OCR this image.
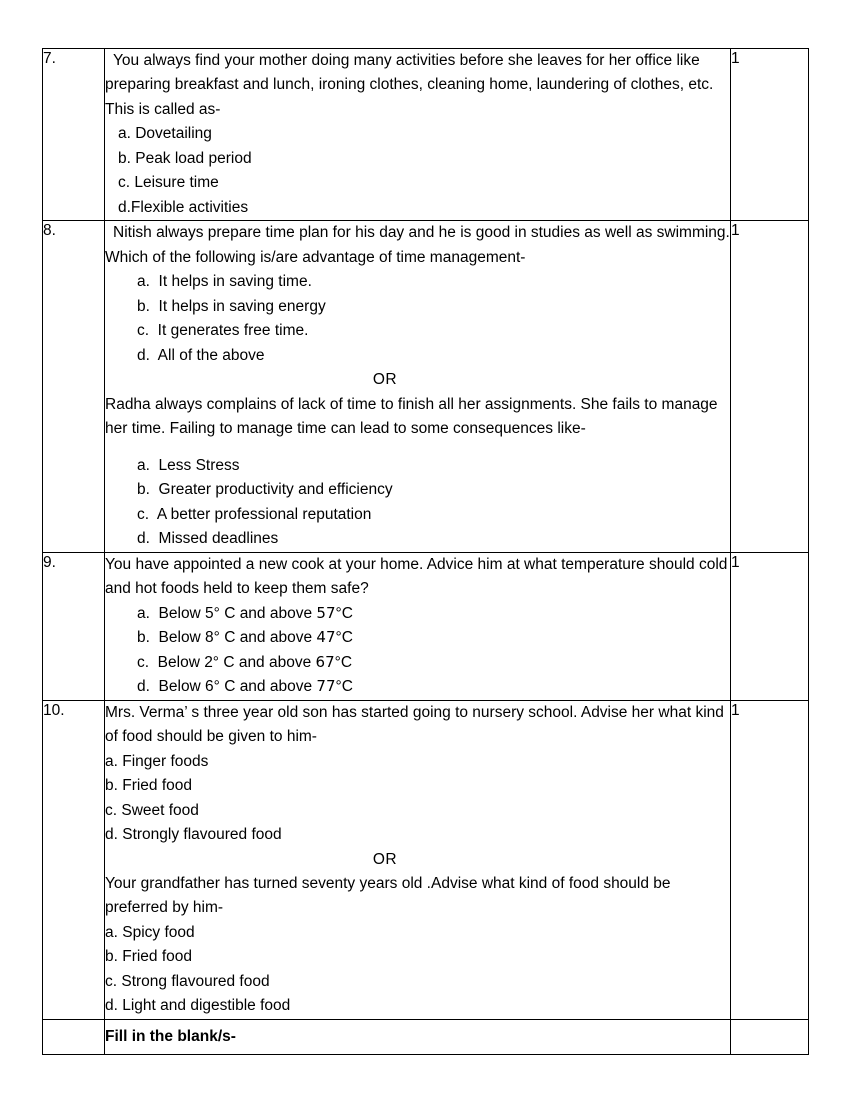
7.	You always find your mother doing many activities before she leaves for her office like preparing breakfast and lunch, ironing clothes, cleaning home, laundering of clothes, etc. This is called as-

a. Dovetailing
b. Peak load period
c. Leisure time
d.Flexible activities
	1
8.	Nitish always prepare time plan for his day and he is good in studies as well as swimming. Which of the following is/are advantage of time management-

a.  It helps in saving time.
b.  It helps in saving energy
c.  It generates free time.
d.  All of the above

OR

Radha always complains of lack of time to finish all her assignments. She fails to manage her time. Failing to manage time can lead to some consequences like-

a.  Less Stress
b.  Greater productivity and efficiency
c.  A better professional reputation
d.  Missed deadlines
	1
9.	You have appointed a new cook at your home. Advice him at what temperature should cold and hot foods held to keep them safe?

a.  Below 5° C and above 57°C
b.  Below 8° C and above 47°C
c.  Below 2° C and above 67°C
d.  Below 6° C and above 77°C
	1
10.	Mrs. Verma’ s three year old son has started going to nursery school. Advise her what kind of food should be given to him-

a. Finger foods
b. Fried food
c. Sweet food
d. Strongly flavoured food

OR

Your grandfather has turned seventy years old .Advise what kind of food should be preferred by him-

a. Spicy food
b. Fried food
c. Strong flavoured food
d. Light and digestible food
	1

	Fill in the blank/s-	
